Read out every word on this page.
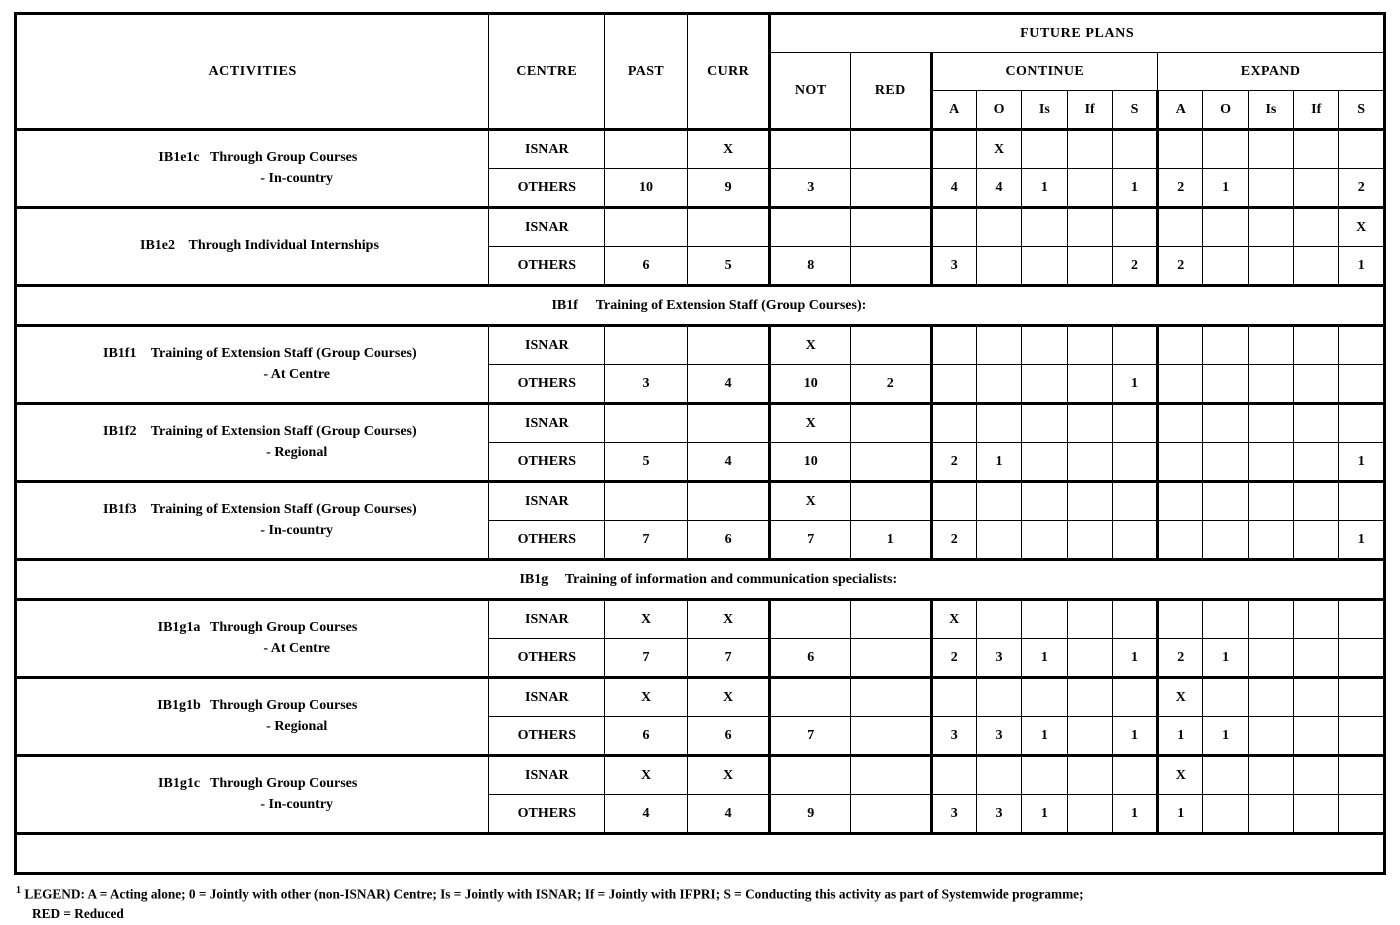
ACTIVITIES	CENTRE	PAST	CURR	FUTURE PLANS											
				NOT	RED	CONTINUE					EXPAND				
						A	O	Is	If	S	A	O	Is	If	S

IB1e1c Through Group Courses
- In-country	ISNAR		X				X								
	OTHERS	10	9	3		4	4	1		1	2	1			2

IB1e2 Through Individual Internships	ISNAR														X
	OTHERS	6	5	8		3				2	2				1
IB1f Training of Extension Staff (Group Courses):															

IB1f1 Training of Extension Staff (Group Courses)
- At Centre	ISNAR			X											
	OTHERS	3	4	10	2					1					

IB1f2 Training of Extension Staff (Group Courses)
- Regional	ISNAR			X											
	OTHERS	5	4	10		2	1								1

IB1f3 Training of Extension Staff (Group Courses)
- In-country	ISNAR			X											
	OTHERS	7	6	7	1	2									1
IB1g Training of information and communication specialists:															

IB1g1a Through Group Courses
- At Centre	ISNAR	X	X			X									
	OTHERS	7	7	6		2	3	1		1	2	1			

IB1g1b Through Group Courses
- Regional	ISNAR	X	X								X				
	OTHERS	6	6	7		3	3	1		1	1	1			

IB1g1c Through Group Courses
- In-country	ISNAR	X	X								X				
	OTHERS	4	4	9		3	3	1		1	1				

$^1$ LEGEND: A = Acting alone; 0 = Jointly with other (non-ISNAR) Centre; Is = Jointly with ISNAR; If = Jointly with IFPRI; S = Conducting this activity as part of Systemwide programme;
RED = Reduced
